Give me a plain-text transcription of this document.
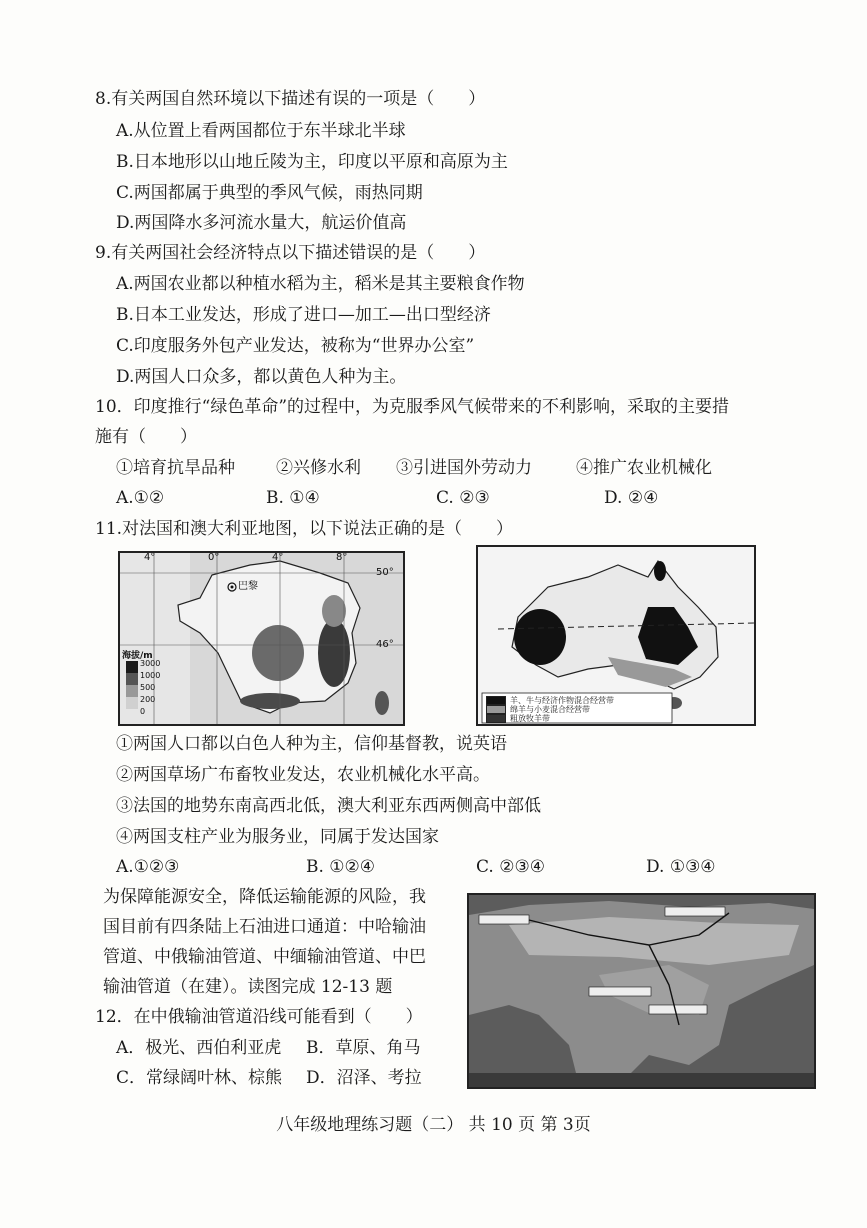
8.有关两国自然环境以下描述有误的一项是（　　）
A.从位置上看两国都位于东半球北半球
B.日本地形以山地丘陵为主，印度以平原和高原为主
C.两国都属于典型的季风气候，雨热同期
D.两国降水多河流水量大，航运价值高
9.有关两国社会经济特点以下描述错误的是（　　）
A.两国农业都以种植水稻为主，稻米是其主要粮食作物
B.日本工业发达，形成了进口—加工—出口型经济
C.印度服务外包产业发达，被称为“世界办公室”
D.两国人口众多，都以黄色人种为主。
10．印度推行“绿色革命”的过程中，为克服季风气候带来的不利影响，采取的主要措
施有（　　）
①培育抗旱品种 ②兴修水利 ③引进国外劳动力	④推广农业机械化
A.①②	B. ①④	C. ②③	D. ②④
11.对法国和澳大利亚地图，以下说法正确的是（　　）
4°	0°	4°	8°
50°
46°
巴黎
海拔/m
3000
1000
500
200
0
羊、牛与经济作物混合经营带
绵羊与小麦混合经营带
粗放牧羊带
①两国人口都以白色人种为主，信仰基督教，说英语
②两国草场广布畜牧业发达，农业机械化水平高。
③法国的地势东南高西北低，澳大利亚东西两侧高中部低
④两国支柱产业为服务业，同属于发达国家
A.①②③	B. ①②④	C. ②③④	D. ①③④
为保障能源安全，降低运输能源的风险，我
国目前有四条陆上石油进口通道：中哈输油
管道、中俄输油管道、中缅输油管道、中巴
输油管道（在建）。读图完成 12-13 题
12．在中俄输油管道沿线可能看到（　　）
A．极光、西伯利亚虎 B．草原、角马
C．常绿阔叶林、棕熊 D．沼泽、考拉
八年级地理练习题（二） 共 10 页 第 3页
